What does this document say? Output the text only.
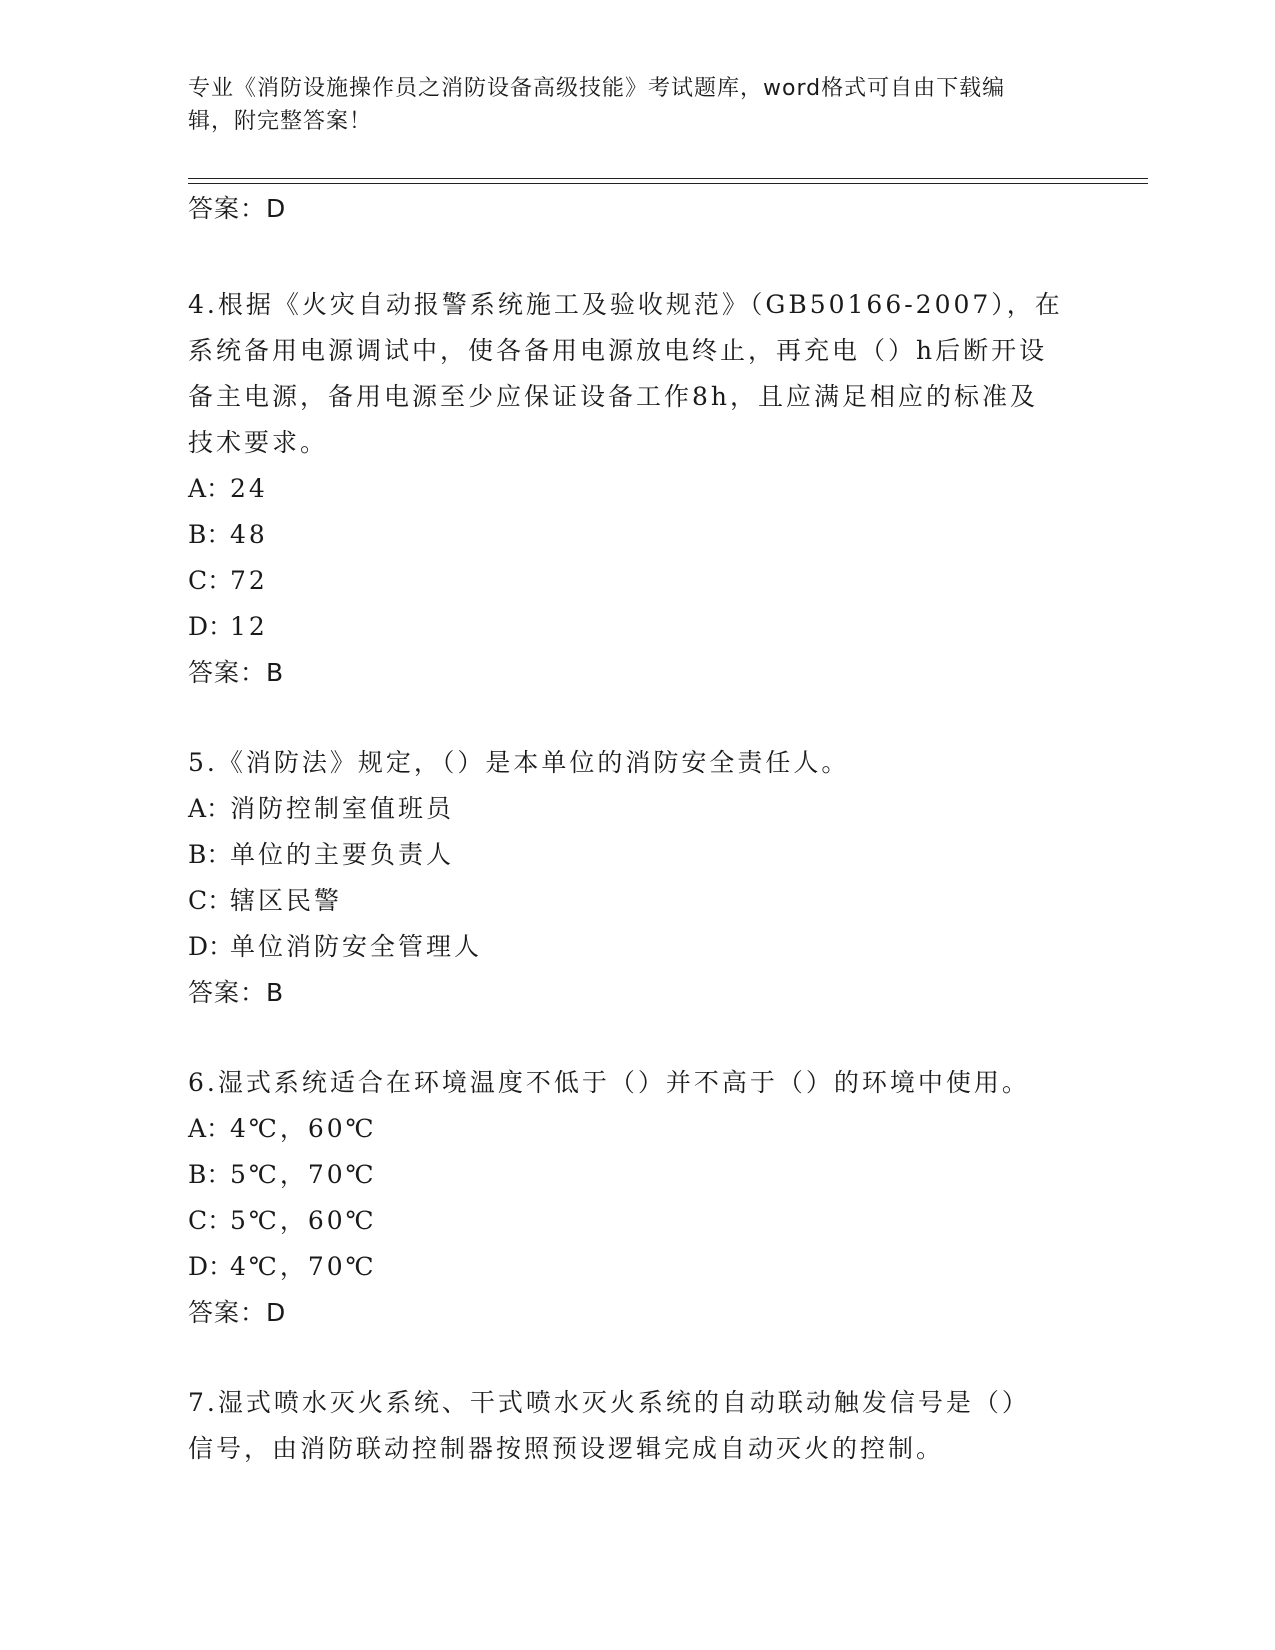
专业《消防设施操作员之消防设备高级技能》考试题库，word格式可自由下载编
辑，附完整答案！
答案：D
4.根据《火灾自动报警系统施工及验收规范》（GB50166-2007），在
系统备用电源调试中，使各备用电源放电终止，再充电（）h后断开设
备主电源，备用电源至少应保证设备工作8h，且应满足相应的标准及
技术要求。
A：24
B：48
C：72
D：12
答案：B
5.《消防法》规定，（）是本单位的消防安全责任人。
A：消防控制室值班员
B：单位的主要负责人
C：辖区民警
D：单位消防安全管理人
答案：B
6.湿式系统适合在环境温度不低于（）并不高于（）的环境中使用。
A：4℃，60℃
B：5℃，70℃
C：5℃，60℃
D：4℃，70℃
答案：D
7.湿式喷水灭火系统、干式喷水灭火系统的自动联动触发信号是（）
信号，由消防联动控制器按照预设逻辑完成自动灭火的控制。
